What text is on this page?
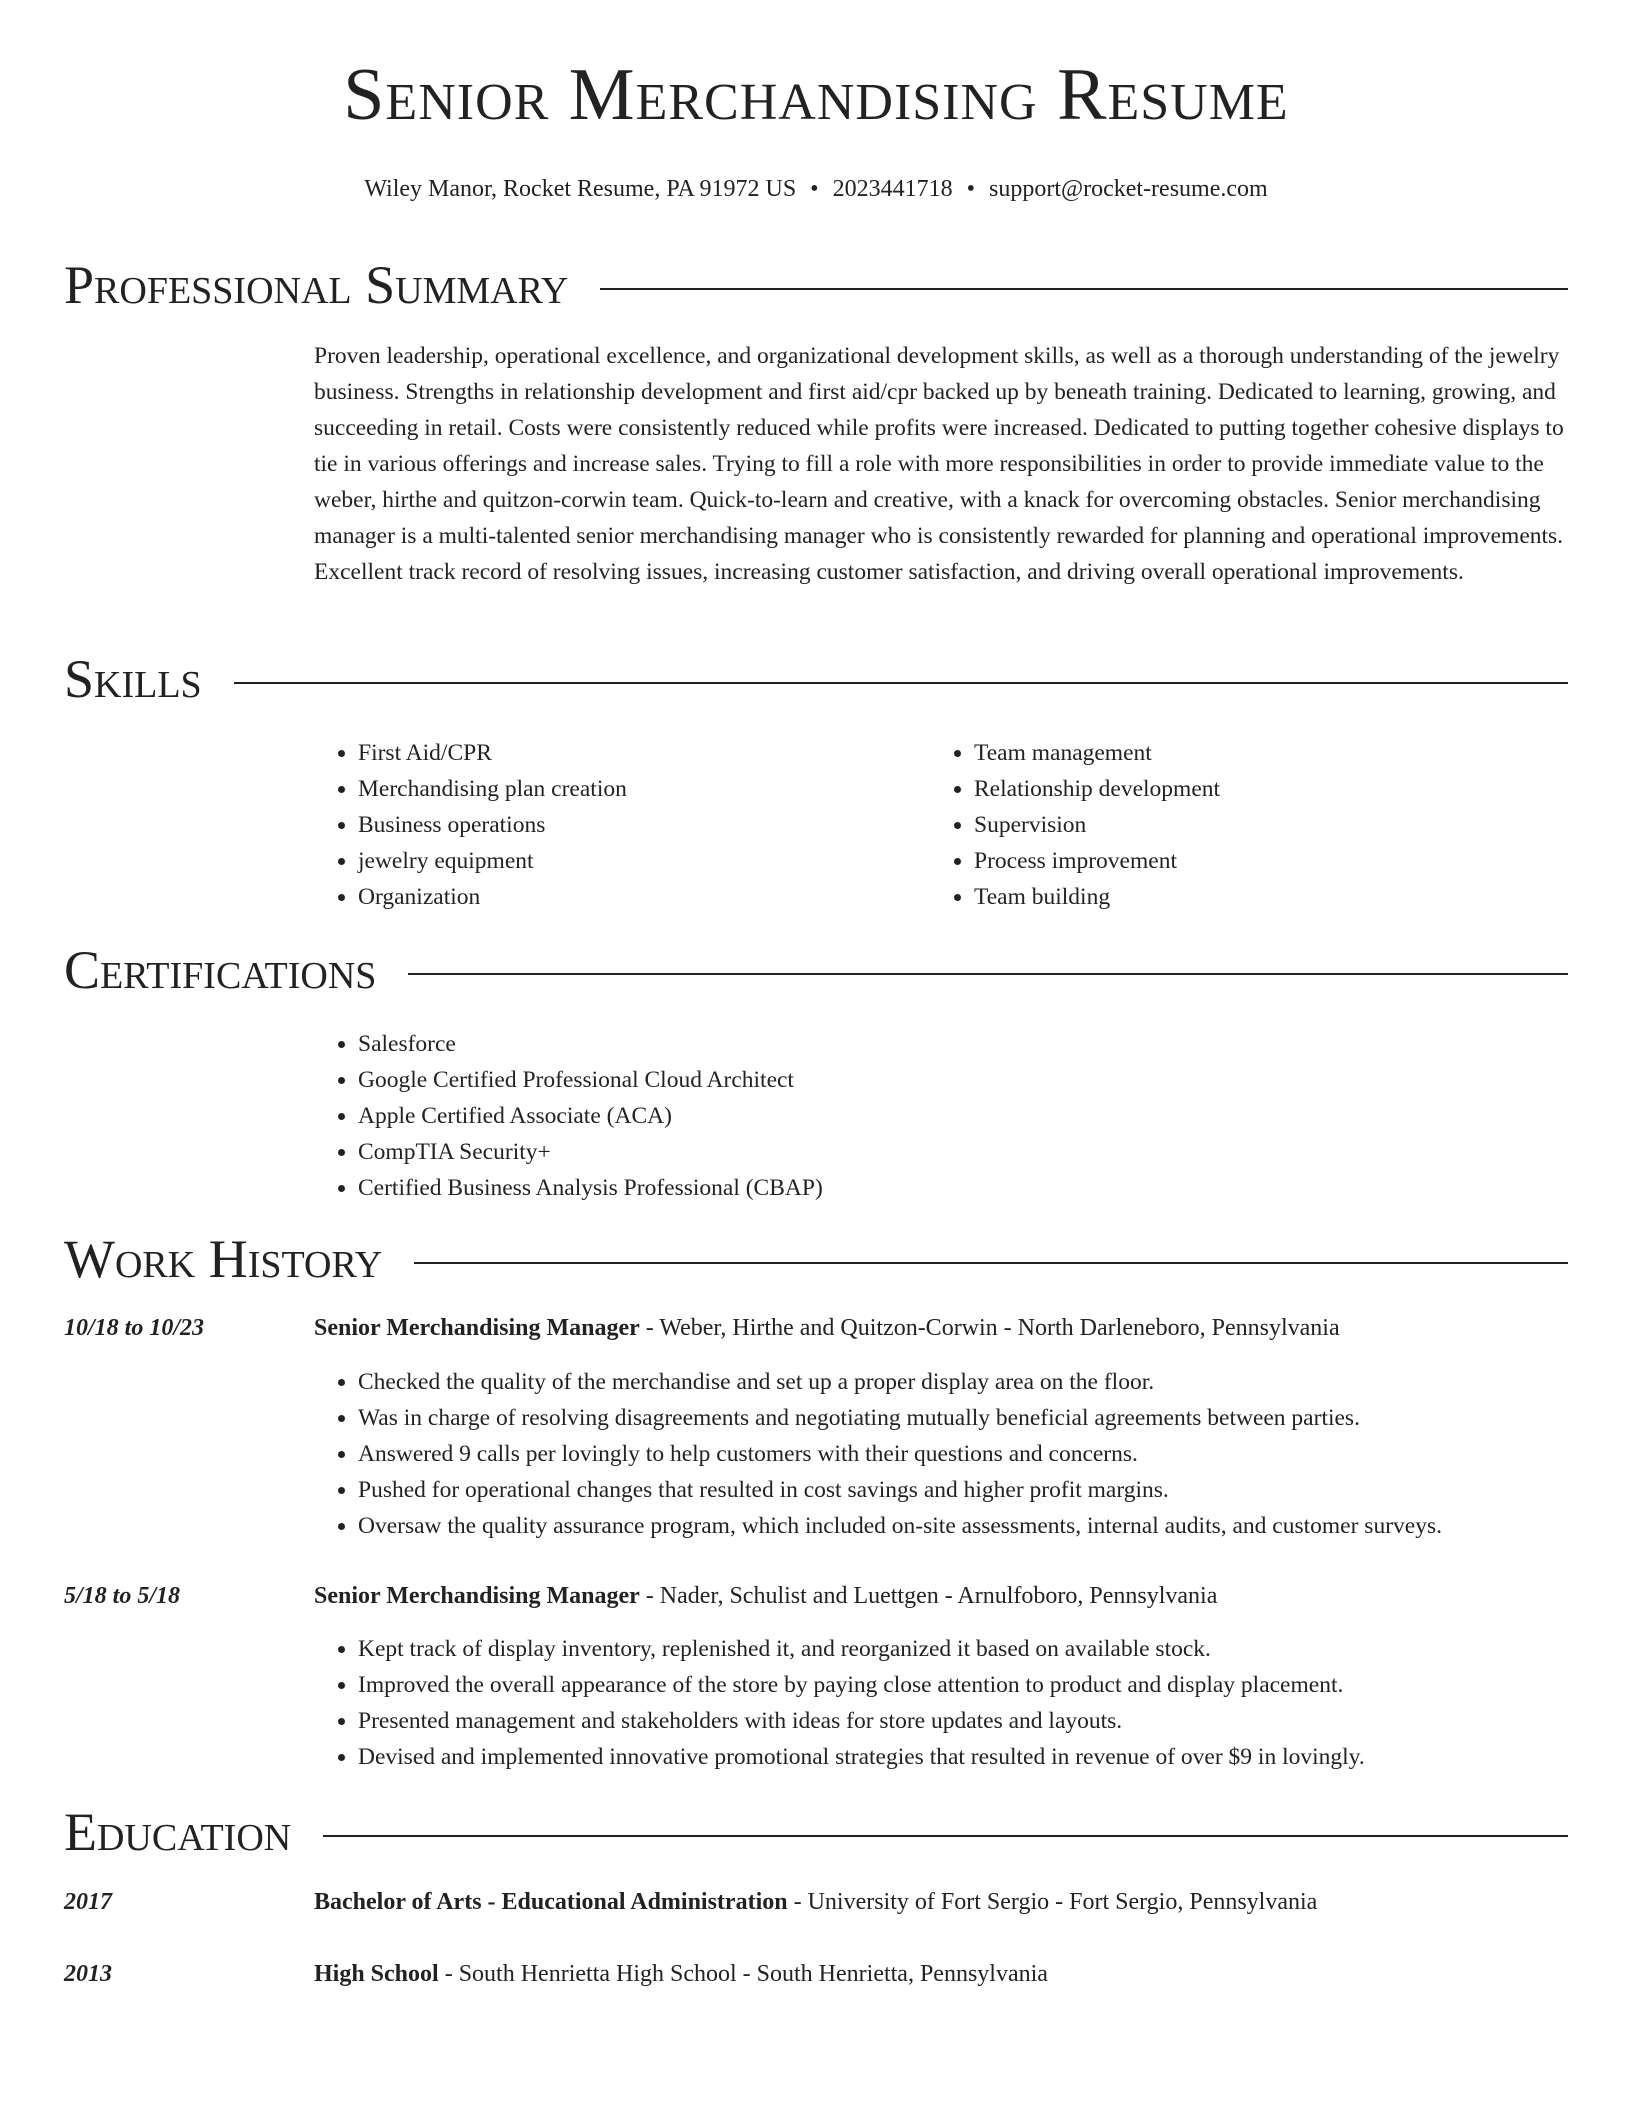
Senior Merchandising Resume
Wiley Manor, Rocket Resume, PA 91972 US • 2023441718 • support@rocket-resume.com
Professional Summary

Proven leadership, operational excellence, and organizational development skills, as well as a thorough understanding of the jewelry business. Strengths in relationship development and first aid/cpr backed up by beneath training. Dedicated to learning, growing, and succeeding in retail. Costs were consistently reduced while profits were increased. Dedicated to putting together cohesive displays to tie in various offerings and increase sales. Trying to fill a role with more responsibilities in order to provide immediate value to the weber, hirthe and quitzon-corwin team. Quick-to-learn and creative, with a knack for overcoming obstacles. Senior merchandising manager is a multi-talented senior merchandising manager who is consistently rewarded for planning and operational improvements. Excellent track record of resolving issues, increasing customer satisfaction, and driving overall operational improvements.

Skills
• First Aid/CPR
• Merchandising plan creation
• Business operations
• jewelry equipment
• Organization
• Team management
• Relationship development
• Supervision
• Process improvement
• Team building
Certifications
• Salesforce
• Google Certified Professional Cloud Architect
• Apple Certified Associate (ACA)
• CompTIA Security+
• Certified Business Analysis Professional (CBAP)
Work History
10/18 to 10/23	Senior Merchandising Manager - Weber, Hirthe and Quitzon-Corwin - North Darleneboro, Pennsylvania
• Checked the quality of the merchandise and set up a proper display area on the floor.
• Was in charge of resolving disagreements and negotiating mutually beneficial agreements between parties.
• Answered 9 calls per lovingly to help customers with their questions and concerns.
• Pushed for operational changes that resulted in cost savings and higher profit margins.
• Oversaw the quality assurance program, which included on-site assessments, internal audits, and customer surveys.
5/18 to 5/18	Senior Merchandising Manager - Nader, Schulist and Luettgen - Arnulfoboro, Pennsylvania
• Kept track of display inventory, replenished it, and reorganized it based on available stock.
• Improved the overall appearance of the store by paying close attention to product and display placement.
• Presented management and stakeholders with ideas for store updates and layouts.
• Devised and implemented innovative promotional strategies that resulted in revenue of over $9 in lovingly.
Education
2017	Bachelor of Arts - Educational Administration - University of Fort Sergio - Fort Sergio, Pennsylvania
2013	High School - South Henrietta High School - South Henrietta, Pennsylvania
